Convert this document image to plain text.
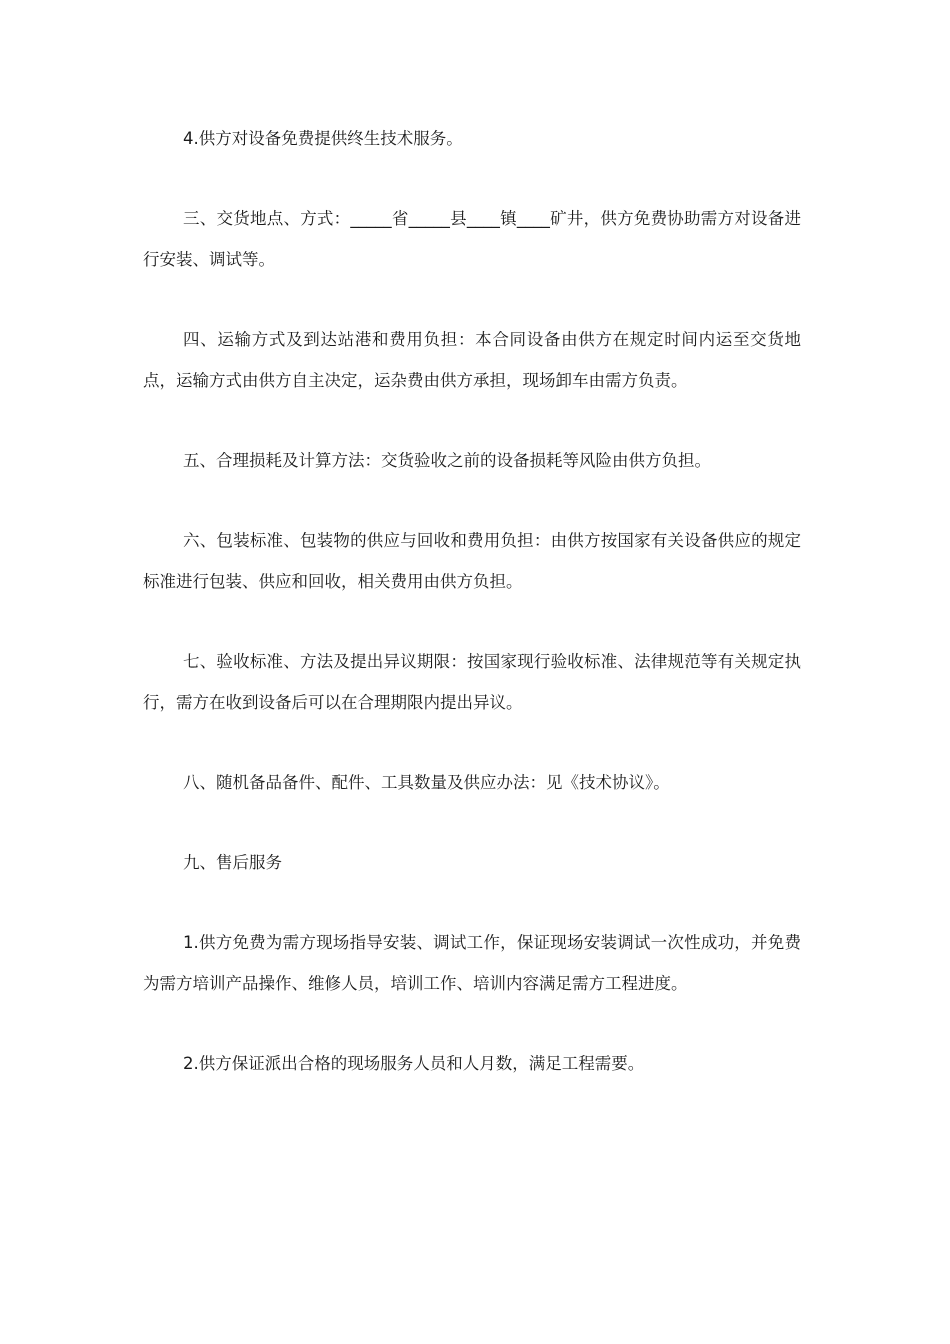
4.供方对设备免费提供终生技术服务。

三、交货地点、方式：_____省_____县____镇____矿井，供方免费协助需方对设备进行安装、调试等。

四、运输方式及到达站港和费用负担：本合同设备由供方在规定时间内运至交货地点，运输方式由供方自主决定，运杂费由供方承担，现场卸车由需方负责。

五、合理损耗及计算方法：交货验收之前的设备损耗等风险由供方负担。

六、包装标准、包装物的供应与回收和费用负担：由供方按国家有关设备供应的规定标准进行包装、供应和回收，相关费用由供方负担。

七、验收标准、方法及提出异议期限：按国家现行验收标准、法律规范等有关规定执行，需方在收到设备后可以在合理期限内提出异议。

八、随机备品备件、配件、工具数量及供应办法：见《技术协议》。

九、售后服务

1.供方免费为需方现场指导安装、调试工作，保证现场安装调试一次性成功，并免费为需方培训产品操作、维修人员，培训工作、培训内容满足需方工程进度。

2.供方保证派出合格的现场服务人员和人月数，满足工程需要。
